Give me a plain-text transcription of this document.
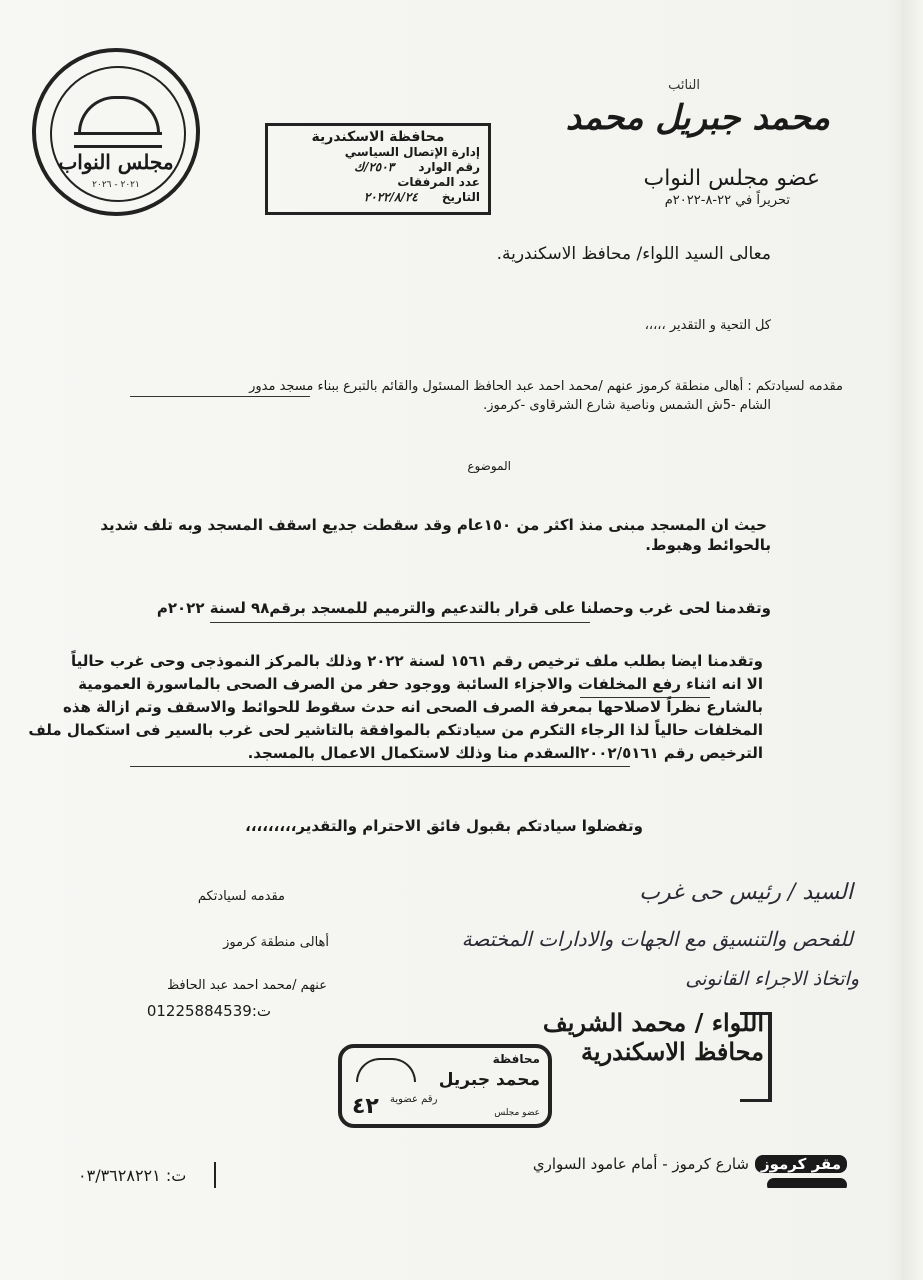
مجلس النواب
٢٠٢١ - ٢٠٢٦
محافظة الاسكندرية
إدارة الإتصال السياسي
رقم الوارد ٢٥٠٣/ك
عدد المرفقات
التاريخ ٢٠٢٢/٨/٢٤
النائب
محمد جبريل محمد
عضو مجلس النواب
تحريراً في ٢٢-٨-٢٠٢٢م
معالى السيد اللواء/ محافظ الاسكندرية.
كل التحية و التقدير ،،،،،
مقدمه لسيادتكم : أهالى منطقة كرموز عنهم /محمد احمد عبد الحافظ المسئول والقائم بالتبرع ببناء مسجد مدور
الشام -5ش الشمس وناصية شارع الشرقاوى -كرموز.
الموضوع
حيث ان المسجد مبنى منذ اكثر من ١٥٠عام وقد سقطت جديع اسقف المسجد وبه تلف شديد
بالحوائط وهبوط.
وتقدمنا لحى غرب وحصلنا على قرار بالتدعيم والترميم للمسجد برقم٩٨ لسنة ٢٠٢٢م
وتقدمنا ايضا بطلب ملف ترخيص رقم ١٥٦١ لسنة ٢٠٢٢ وذلك بالمركز النموذجى وحى غرب حالياً
الا انه اثناء رفع المخلفات والاجزاء السائبة ووجود حفر من الصرف الصحى بالماسورة العمومية
بالشارع نظراً لاصلاحها بمعرفة الصرف الصحى انه حدث سقوط للحوائط والاسقف وتم ازالة هذه
المخلفات حالياً لذا الرجاء التكرم من سيادتكم بالموافقة بالتاشير لحى غرب بالسير فى استكمال ملف
الترخيص رقم ٢٠٠٢/٥١٦١السقدم منا وذلك لاستكمال الاعمال بالمسجد.
وتفضلوا سيادتكم بقبول فائق الاحترام والتقدير،،،،،،،،،
السيد / رئيس حى غرب
للفحص والتنسيق مع الجهات والادارات المختصة
واتخاذ الاجراء القانونى
مقدمه لسيادتكم
أهالى منطقة كرموز
عنهم /محمد احمد عبد الحافظ
ت:01225884539	اللواء / محمد الشريف
محافظ الاسكندرية
محافظة
محمد جبريل
عضو مجلس
٤٢ رقم عضوية
مقر كرموزشارع كرموز - أمام عامود السواري
ت: ٠٣/٣٦٢٨٢٢١
